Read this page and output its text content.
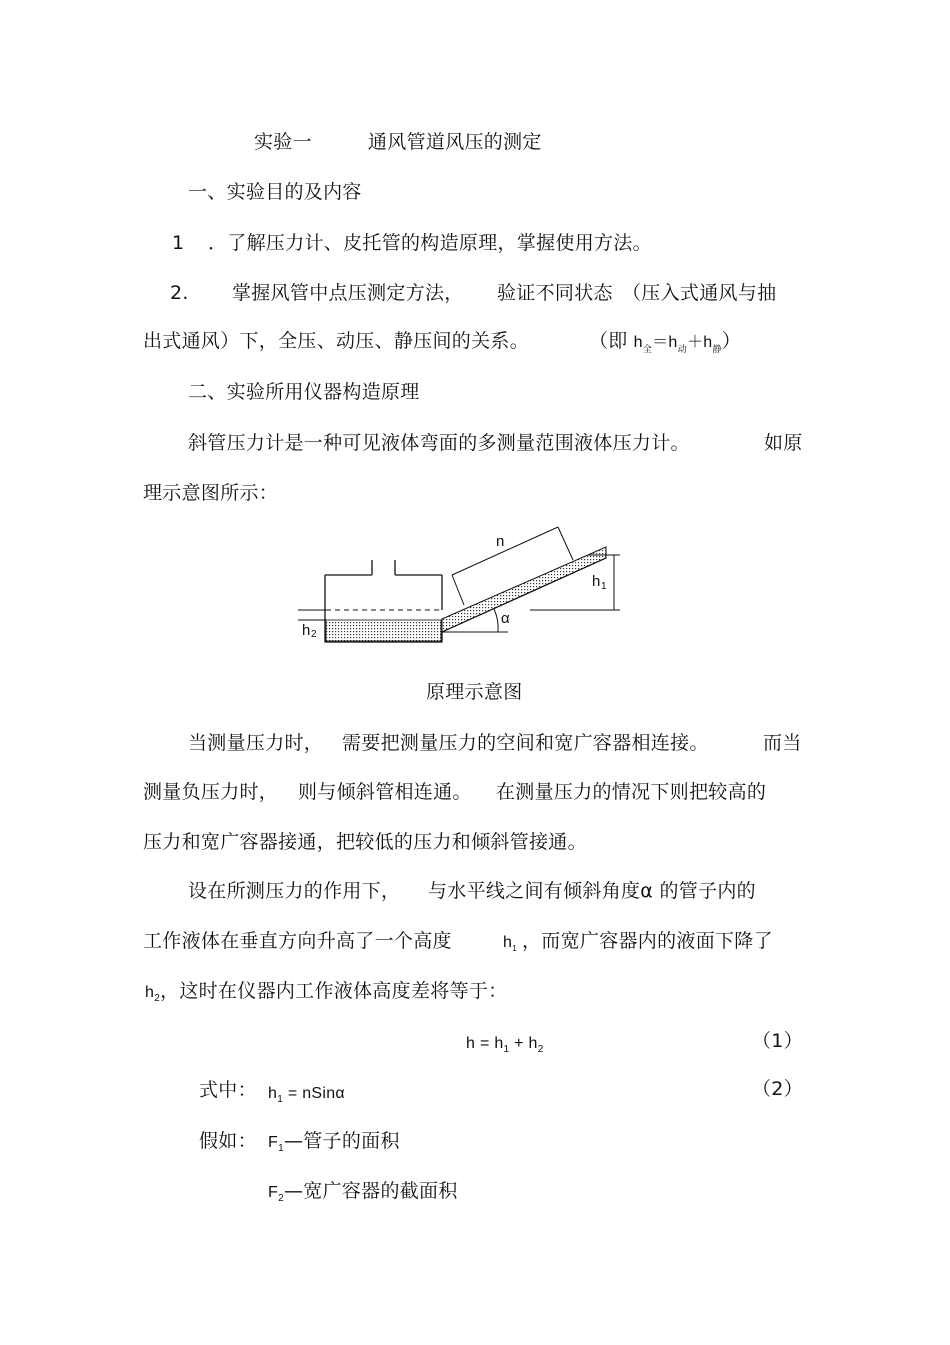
实验一	通风管道风压的测定
一、实验目的及内容
1 ．了解压力计、皮托管的构造原理，掌握使用方法。
2. 掌握风管中点压测定方法， 验证不同状态 （压入式通风与抽
出式通风）下，全压、动压、静压间的关系。	（即 $h_全=h_动+h_静$）
二、实验所用仪器构造原理
斜管压力计是一种可见液体弯面的多测量范围液体压力计。	如原
理示意图所示：
n
h 1
h 2
α
原理示意图
当测量压力时， 需要把测量压力的空间和宽广容器相连接。	而当
测量负压力时， 则与倾斜管相连通。 在测量压力的情况下则把较高的
压力和宽广容器接通，把较低的压力和倾斜管接通。
设在所测压力的作用下， 与水平线之间有倾斜角度α 的管子内的
工作液体在垂直方向升高了一个高度	$h_1$ ，而宽广容器内的液面下降了
$h_2$，这时在仪器内工作液体高度差将等于：
$h = h_1 + h_2$	（1）
式中： $h_1$ = nSinα	（2）
假如： $F_1—$管子的面积
$F_2—$宽广容器的截面积
